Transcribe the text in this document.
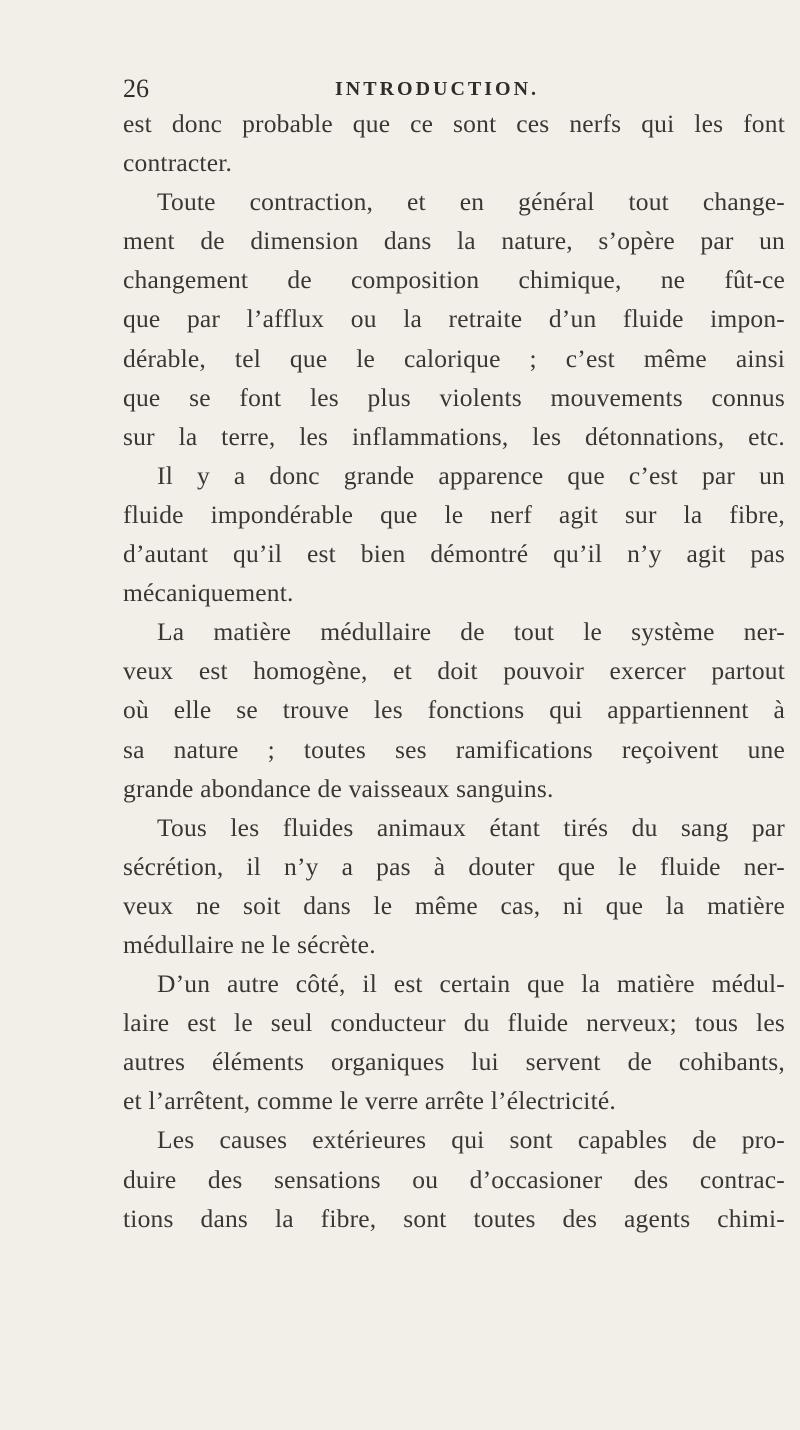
26	INTRODUCTION.
est donc probable que ce sont ces nerfs qui les font
contracter.
Toute contraction, et en général tout change-
ment de dimension dans la nature, s’opère par un
changement de composition chimique, ne fût-ce
que par l’afflux ou la retraite d’un fluide impon-
dérable, tel que le calorique ; c’est même ainsi
que se font les plus violents mouvements connus
sur la terre, les inflammations, les détonnations, etc.
Il y a donc grande apparence que c’est par un
fluide impondérable que le nerf agit sur la fibre,
d’autant qu’il est bien démontré qu’il n’y agit pas
mécaniquement.
La matière médullaire de tout le système ner-
veux est homogène, et doit pouvoir exercer partout
où elle se trouve les fonctions qui appartiennent à
sa nature ; toutes ses ramifications reçoivent une
grande abondance de vaisseaux sanguins.
Tous les fluides animaux étant tirés du sang par
sécrétion, il n’y a pas à douter que le fluide ner-
veux ne soit dans le même cas, ni que la matière
médullaire ne le sécrète.
D’un autre côté, il est certain que la matière médul-
laire est le seul conducteur du fluide nerveux; tous les
autres éléments organiques lui servent de cohibants,
et l’arrêtent, comme le verre arrête l’électricité.
Les causes extérieures qui sont capables de pro-
duire des sensations ou d’occasioner des contrac-
tions dans la fibre, sont toutes des agents chimi-
